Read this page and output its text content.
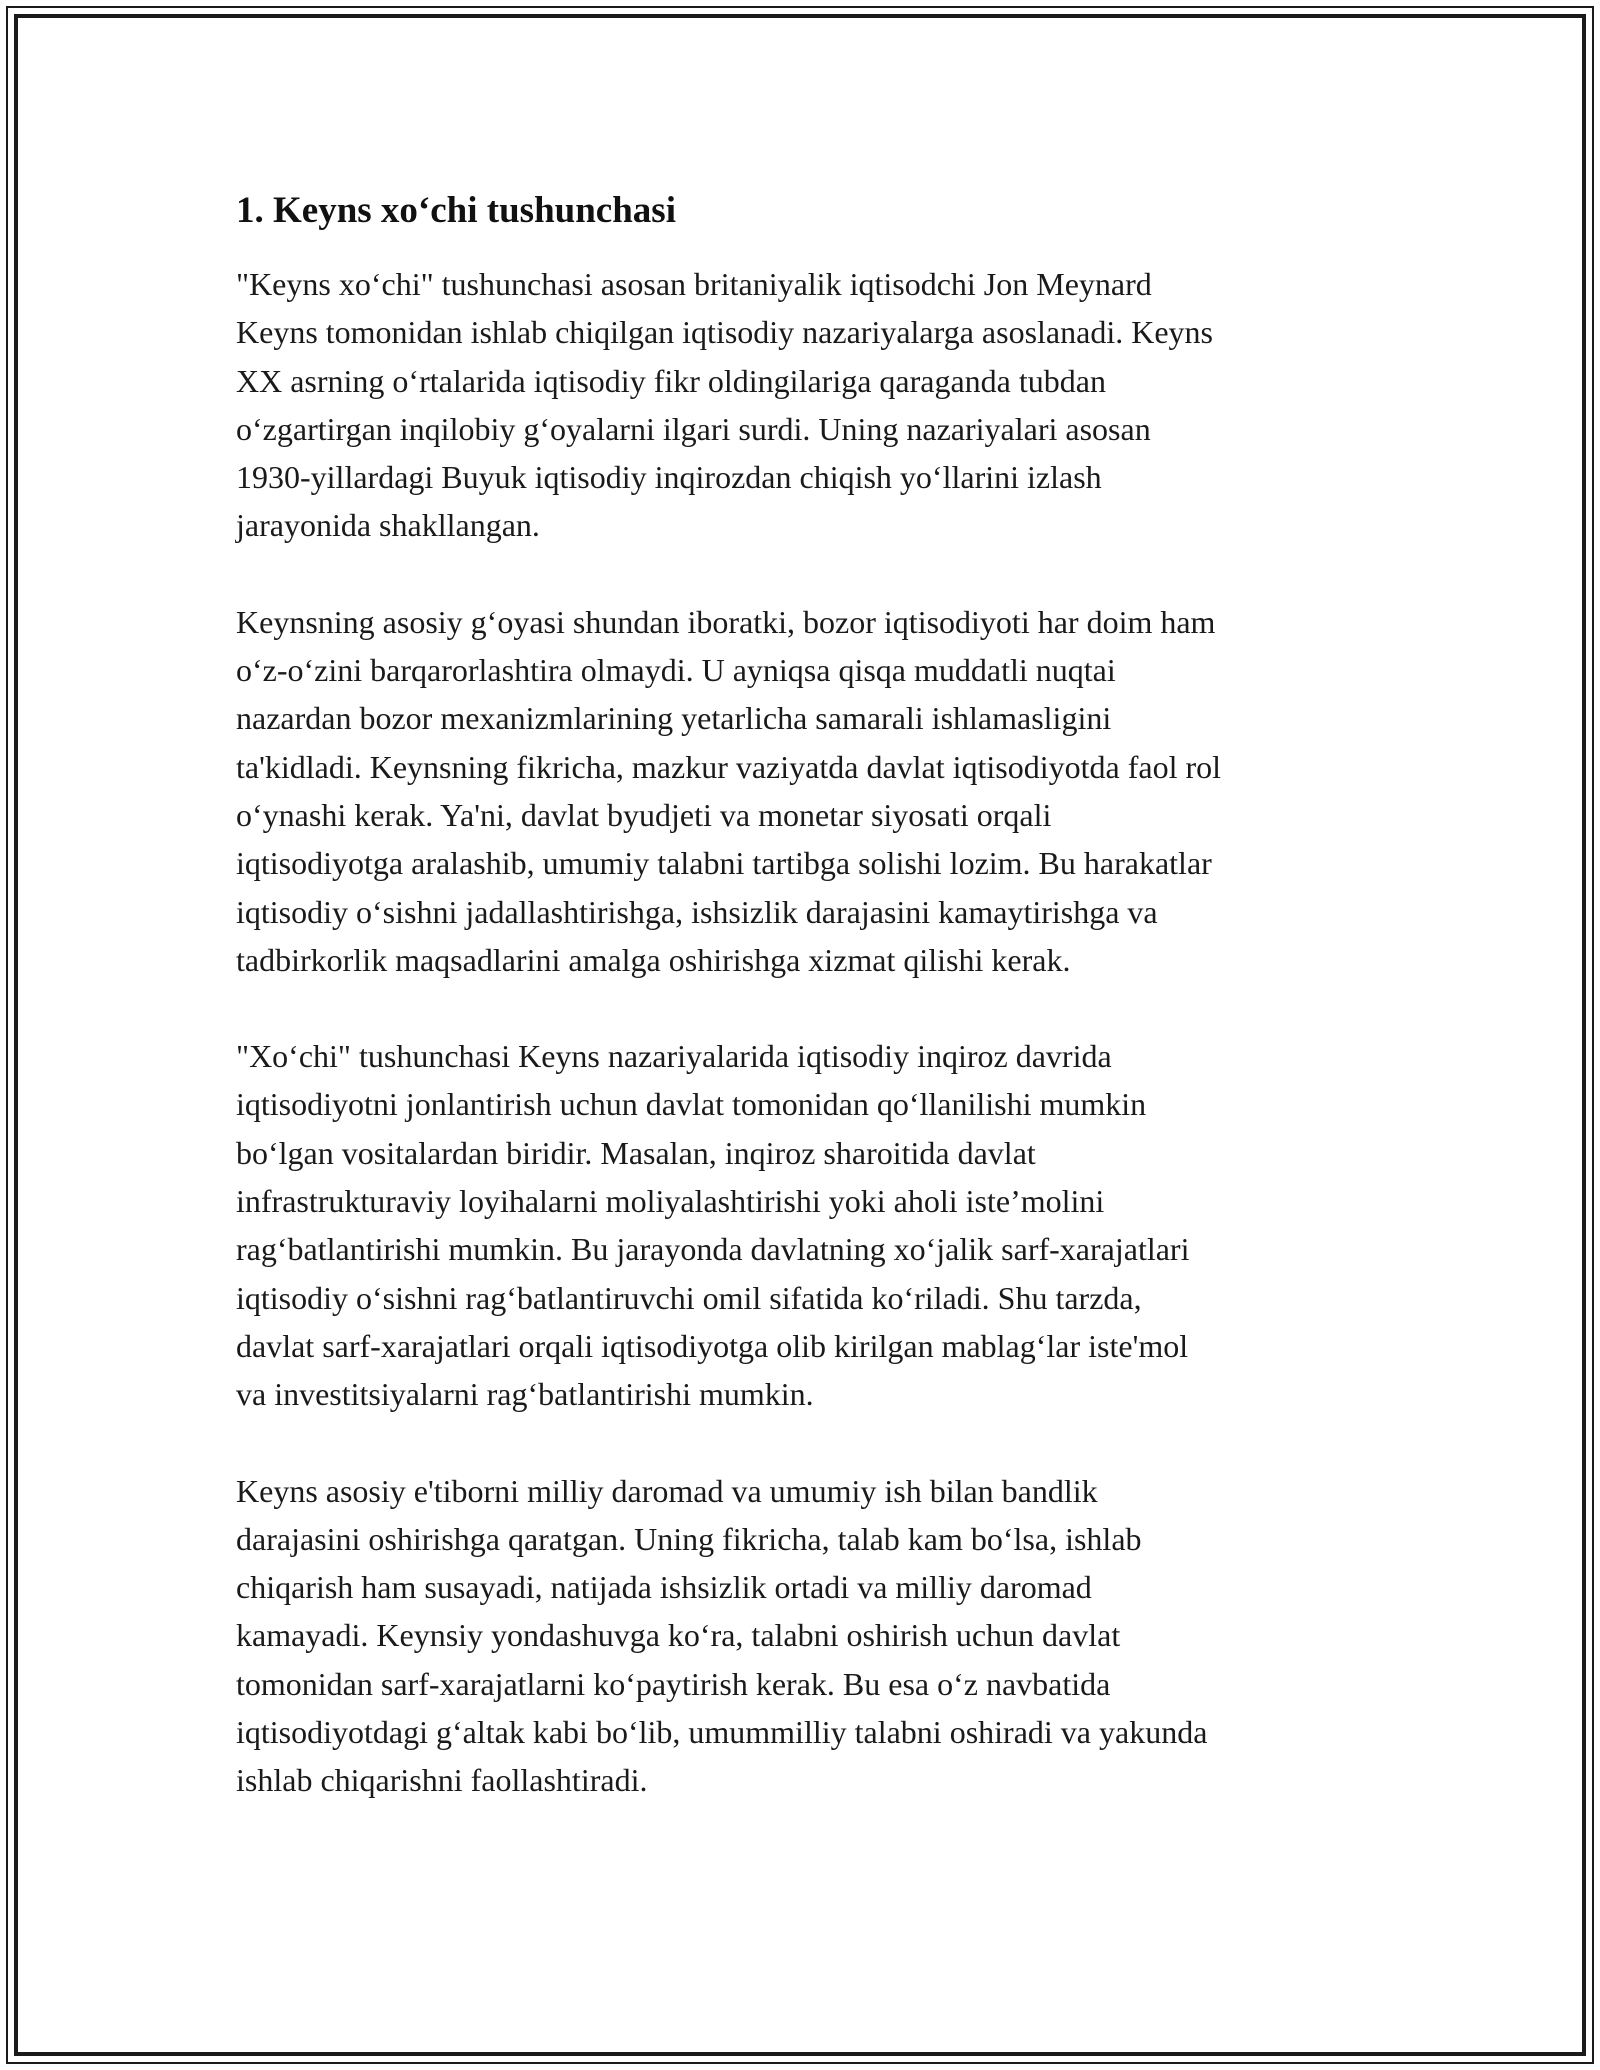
1. Keyns xo‘chi tushunchasi
"Keyns xo‘chi" tushunchasi asosan britaniyalik iqtisodchi Jon Meynard
Keyns tomonidan ishlab chiqilgan iqtisodiy nazariyalarga asoslanadi. Keyns
XX asrning o‘rtalarida iqtisodiy fikr oldingilariga qaraganda tubdan
o‘zgartirgan inqilobiy g‘oyalarni ilgari surdi. Uning nazariyalari asosan
1930-yillardagi Buyuk iqtisodiy inqirozdan chiqish yo‘llarini izlash
jarayonida shakllangan.
Keynsning asosiy g‘oyasi shundan iboratki, bozor iqtisodiyoti har doim ham
o‘z-o‘zini barqarorlashtira olmaydi. U ayniqsa qisqa muddatli nuqtai
nazardan bozor mexanizmlarining yetarlicha samarali ishlamasligini
ta'kidladi. Keynsning fikricha, mazkur vaziyatda davlat iqtisodiyotda faol rol
o‘ynashi kerak. Ya'ni, davlat byudjeti va monetar siyosati orqali
iqtisodiyotga aralashib, umumiy talabni tartibga solishi lozim. Bu harakatlar
iqtisodiy o‘sishni jadallashtirishga, ishsizlik darajasini kamaytirishga va
tadbirkorlik maqsadlarini amalga oshirishga xizmat qilishi kerak.
"Xo‘chi" tushunchasi Keyns nazariyalarida iqtisodiy inqiroz davrida
iqtisodiyotni jonlantirish uchun davlat tomonidan qo‘llanilishi mumkin
bo‘lgan vositalardan biridir. Masalan, inqiroz sharoitida davlat
infrastrukturaviy loyihalarni moliyalashtirishi yoki aholi iste’molini
rag‘batlantirishi mumkin. Bu jarayonda davlatning xo‘jalik sarf-xarajatlari
iqtisodiy o‘sishni rag‘batlantiruvchi omil sifatida ko‘riladi. Shu tarzda,
davlat sarf-xarajatlari orqali iqtisodiyotga olib kirilgan mablag‘lar iste'mol
va investitsiyalarni rag‘batlantirishi mumkin.
Keyns asosiy e'tiborni milliy daromad va umumiy ish bilan bandlik
darajasini oshirishga qaratgan. Uning fikricha, talab kam bo‘lsa, ishlab
chiqarish ham susayadi, natijada ishsizlik ortadi va milliy daromad
kamayadi. Keynsiy yondashuvga ko‘ra, talabni oshirish uchun davlat
tomonidan sarf-xarajatlarni ko‘paytirish kerak. Bu esa o‘z navbatida
iqtisodiyotdagi g‘altak kabi bo‘lib, umummilliy talabni oshiradi va yakunda
ishlab chiqarishni faollashtiradi.
